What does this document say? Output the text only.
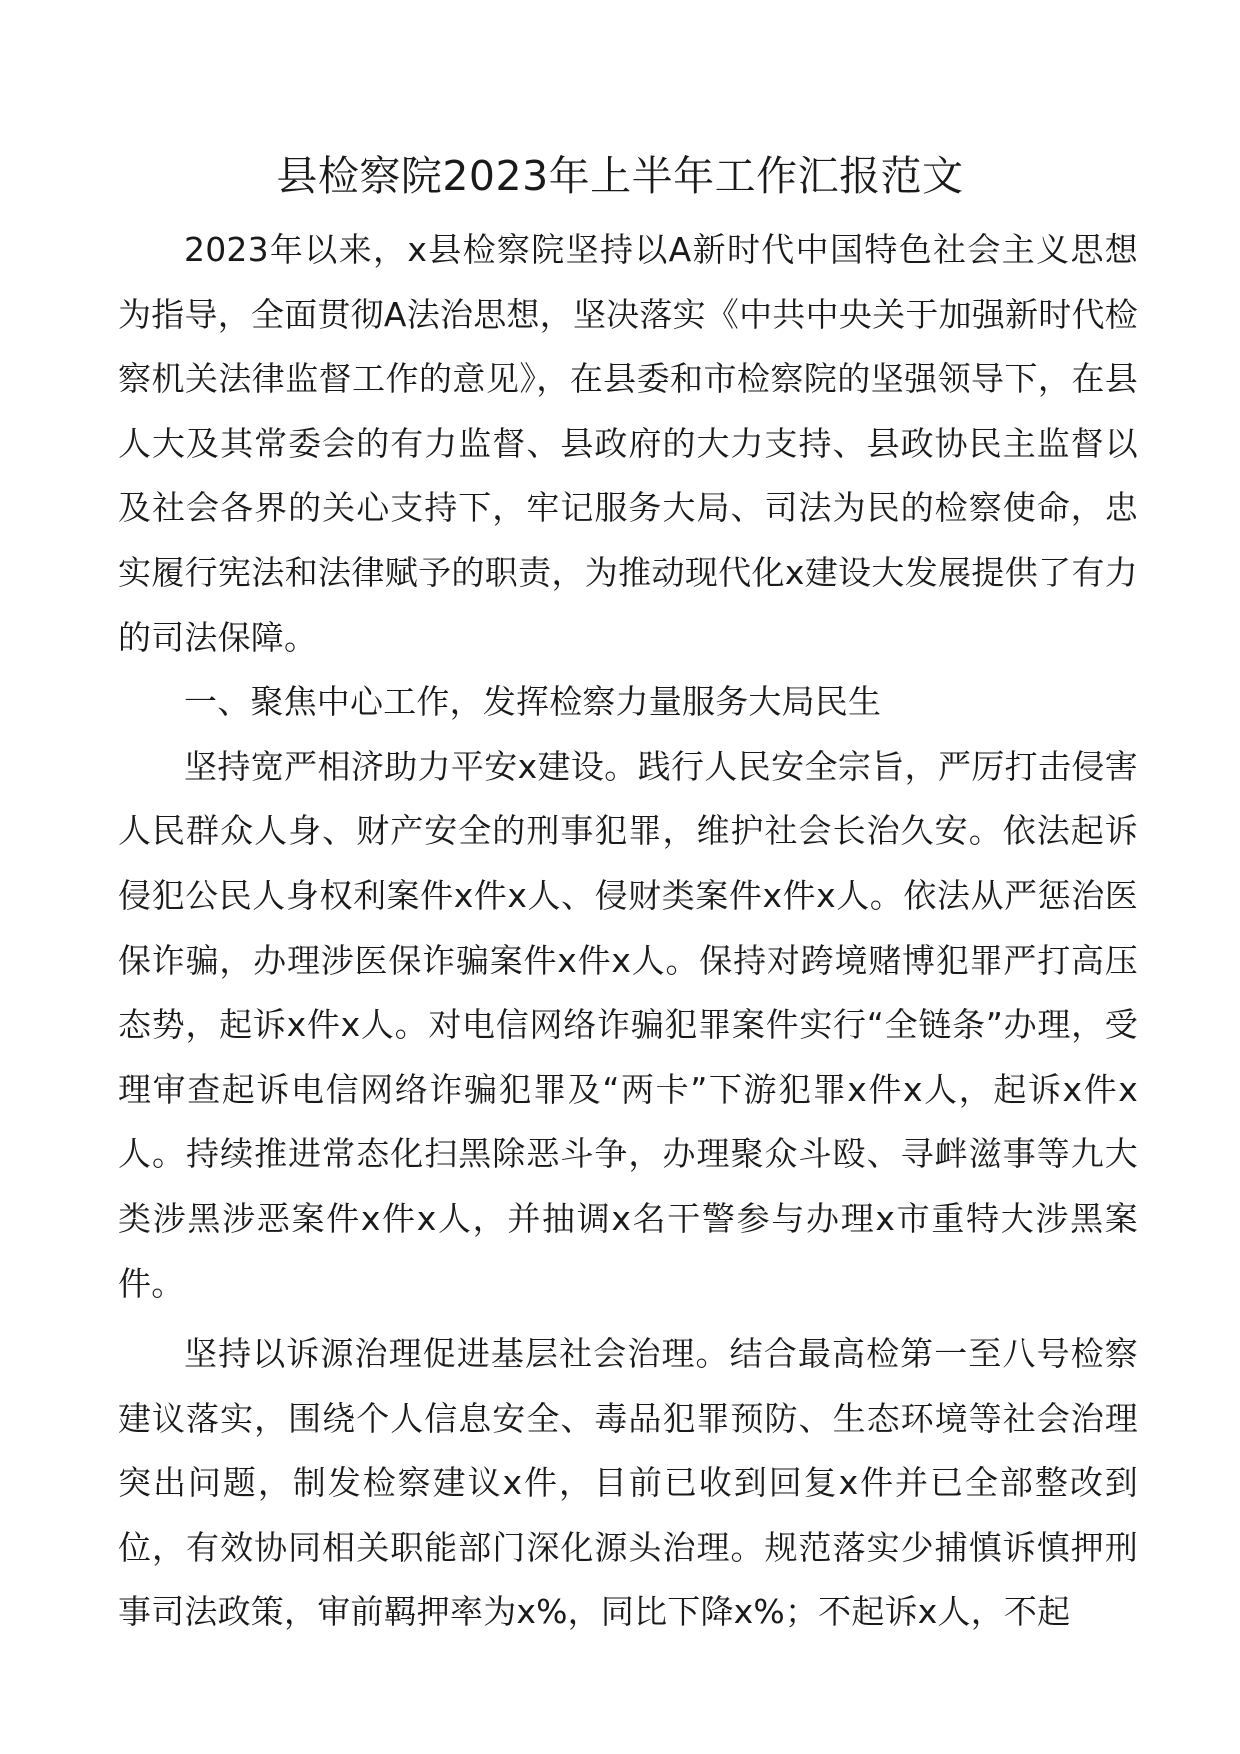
县检察院2023年上半年工作汇报范文

2023年以来，x县检察院坚持以A新时代中国特色社会主义思想为指导，全面贯彻A法治思想，坚决落实《中共中央关于加强新时代检察机关法律监督工作的意见》，在县委和市检察院的坚强领导下，在县人大及其常委会的有力监督、县政府的大力支持、县政协民主监督以及社会各界的关心支持下，牢记服务大局、司法为民的检察使命，忠实履行宪法和法律赋予的职责，为推动现代化x建设大发展提供了有力的司法保障。

一、聚焦中心工作，发挥检察力量服务大局民生

坚持宽严相济助力平安x建设。践行人民安全宗旨，严厉打击侵害人民群众人身、财产安全的刑事犯罪，维护社会长治久安。依法起诉侵犯公民人身权利案件x件x人、侵财类案件x件x人。依法从严惩治医保诈骗，办理涉医保诈骗案件x件x人。保持对跨境赌博犯罪严打高压态势，起诉x件x人。对电信网络诈骗犯罪案件实行“全链条”办理，受理审查起诉电信网络诈骗犯罪及“两卡”下游犯罪x件x人，起诉x件x人。持续推进常态化扫黑除恶斗争，办理聚众斗殴、寻衅滋事等九大类涉黑涉恶案件x件x人，并抽调x名干警参与办理x市重特大涉黑案件。

坚持以诉源治理促进基层社会治理。结合最高检第一至八号检察建议落实，围绕个人信息安全、毒品犯罪预防、生态环境等社会治理突出问题，制发检察建议x件，目前已收到回复x件并已全部整改到位，有效协同相关职能部门深化源头治理。规范落实少捕慎诉慎押刑事司法政策，审前羁押率为x%，同比下降x%；不起诉x人，不起
